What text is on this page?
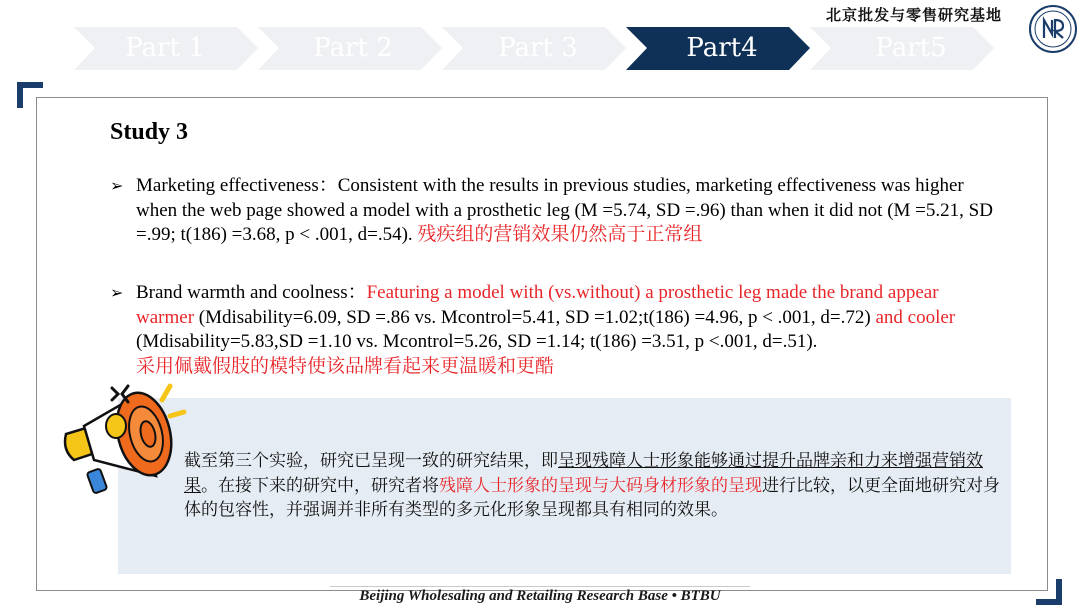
Part 1	Part 2	Part 3	Part4	Part5
北京批发与零售研究基地
Study 3
➢ Marketing effectiveness：Consistent with the results in previous studies, marketing effectiveness was higher when the web page showed a model with a prosthetic leg (M =5.74, SD =.96) than when it did not (M =5.21, SD =.99; t(186) =3.68, p < .001, d=.54). 残疾组的营销效果仍然高于正常组
➢ Brand warmth and coolness：Featuring a model with (vs.without) a prosthetic leg made the brand appear warmer (Mdisability=6.09, SD =.86 vs. Mcontrol=5.41, SD =1.02;t(186) =4.96, p < .001, d=.72) and cooler (Mdisability=5.83,SD =1.10 vs. Mcontrol=5.26, SD =1.14; t(186) =3.51, p <.001, d=.51).
采用佩戴假肢的模特使该品牌看起来更温暖和更酷
截至第三个实验，研究已呈现一致的研究结果，即呈现残障人士形象能够通过提升品牌亲和力来增强营销效果。在接下来的研究中，研究者将残障人士形象的呈现与大码身材形象的呈现进行比较，以更全面地研究对身体的包容性，并强调并非所有类型的多元化形象呈现都具有相同的效果。
Beijing Wholesaling and Retailing Research Base • BTBU
